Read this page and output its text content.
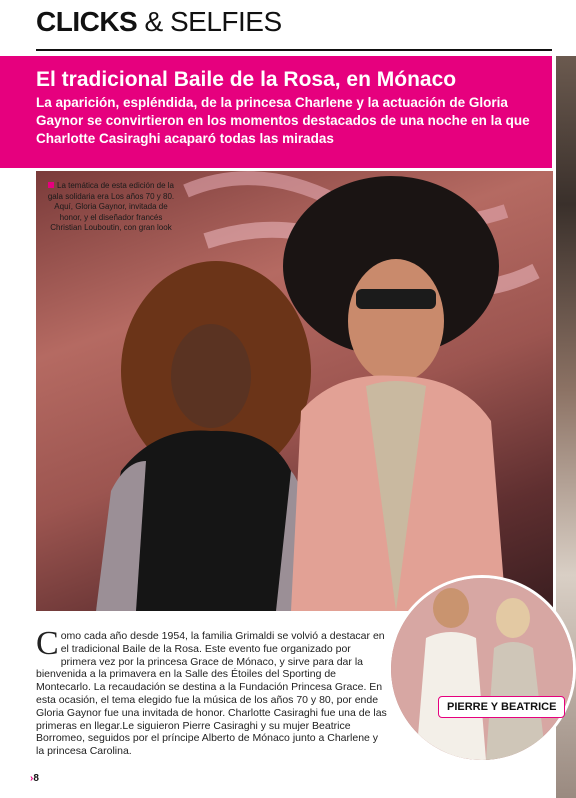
CLICKS & SELFIES
El tradicional Baile de la Rosa, en Mónaco
La aparición, espléndida, de la princesa Charlene y la actuación de Gloria Gaynor se convirtieron en los momentos destacados de una noche en la que Charlotte Casiraghi acaparó todas las miradas
La temática de esta edición de la gala solidaria era Los años 70 y 80. Aquí, Gloria Gaynor, invitada de honor, y el diseñador francés Christian Louboutin, con gran look
Como cada año desde 1954, la familia Grimaldi se volvió a destacar en el tradicional Baile de la Rosa. Este evento fue organizado por primera vez por la princesa Grace de Mónaco, y sirve para dar la bienvenida a la primavera en la Salle des Étoiles del Sporting de Montecarlo. La recaudación se destina a la Fundación Princesa Grace. En esta ocasión, el tema elegido fue la música de los años 70 y 80, por ende Gloria Gaynor fue una invitada de honor. Charlotte Casiraghi fue una de las primeras en llegar.Le siguieron Pierre Casiraghi y su mujer Beatrice Borromeo, seguidos por el príncipe Alberto de Mónaco junto a Charlene y la princesa Carolina.
PIERRE Y BEATRICE
›8
